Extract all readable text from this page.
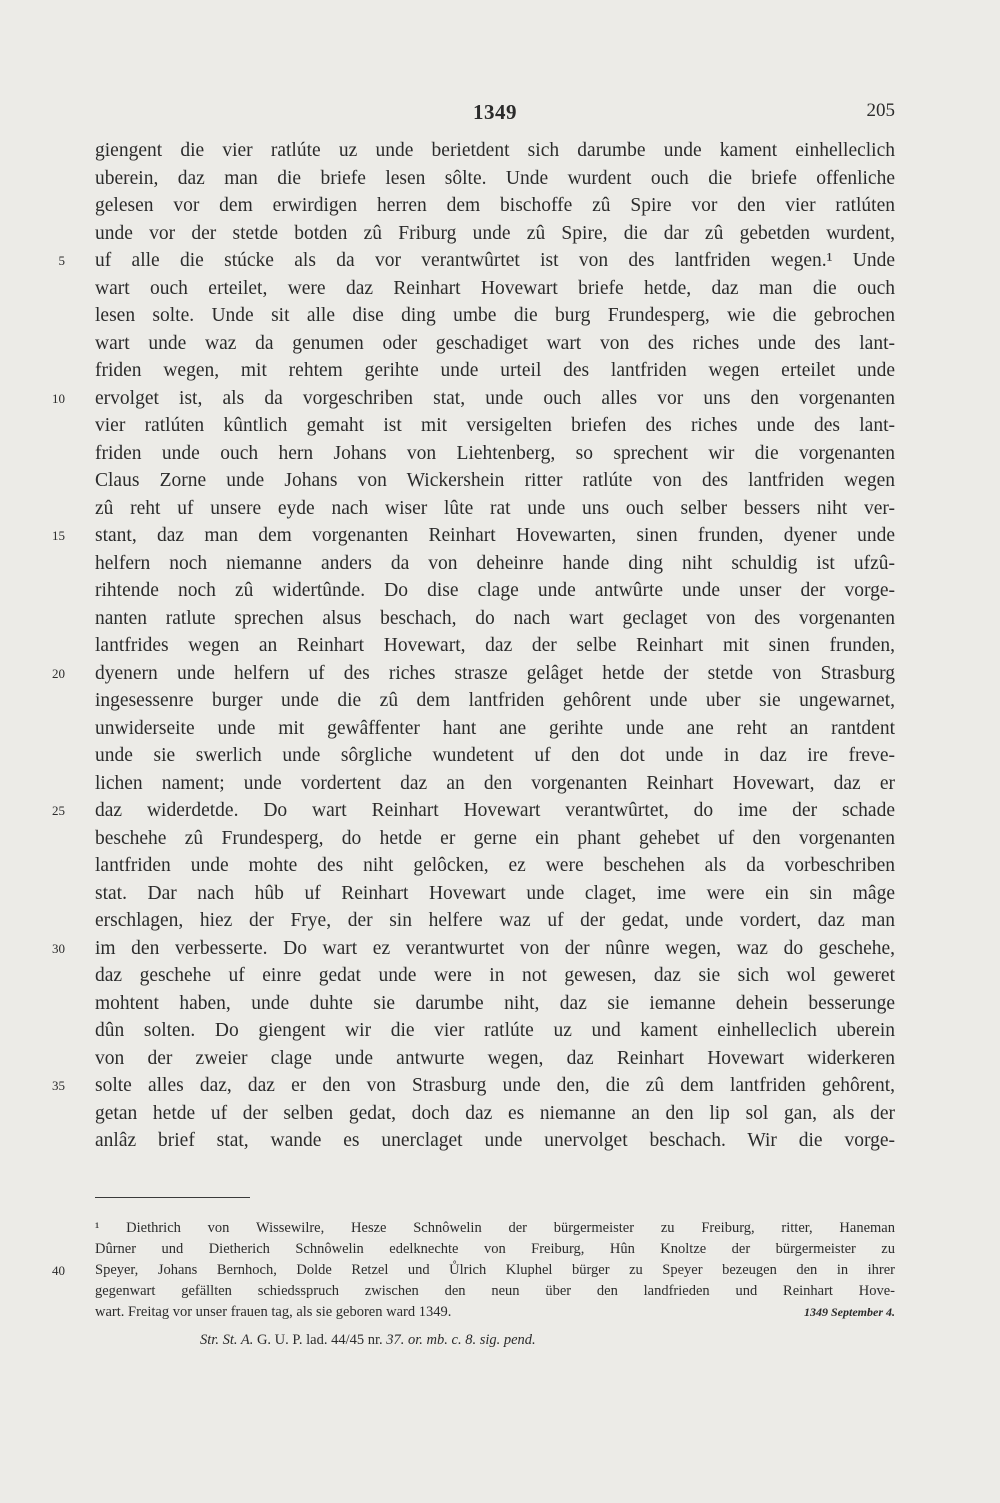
1349	205
giengent die vier ratlúte uz unde berietdent sich darumbe unde kament einhelleclich
uberein, daz man die briefe lesen sôlte. Unde wurdent ouch die briefe offenliche
gelesen vor dem erwirdigen herren dem bischoffe zû Spire vor den vier ratlúten
unde vor der stetde botden zû Friburg unde zû Spire, die dar zû gebetden wurdent,
5 uf alle die stúcke als da vor verantwûrtet ist von des lantfriden wegen.¹ Unde
wart ouch erteilet, were daz Reinhart Hovewart briefe hetde, daz man die ouch
lesen solte. Unde sit alle dise ding umbe die burg Frundesperg, wie die gebrochen
wart unde waz da genumen oder geschadiget wart von des riches unde des lant-
friden wegen, mit rehtem gerihte unde urteil des lantfriden wegen erteilet unde
10 ervolget ist, als da vorgeschriben stat, unde ouch alles vor uns den vorgenanten
vier ratlúten kûntlich gemaht ist mit versigelten briefen des riches unde des lant-
friden unde ouch hern Johans von Liehtenberg, so sprechent wir die vorgenanten
Claus Zorne unde Johans von Wickershein ritter ratlúte von des lantfriden wegen
zû reht uf unsere eyde nach wiser lûte rat unde uns ouch selber bessers niht ver-
15 stant, daz man dem vorgenanten Reinhart Hovewarten, sinen frunden, dyener unde
helfern noch niemanne anders da von deheinre hande ding niht schuldig ist ufzû-
rihtende noch zû widertûnde. Do dise clage unde antwûrte unde unser der vorge-
nanten ratlute sprechen alsus beschach, do nach wart geclaget von des vorgenanten
lantfrides wegen an Reinhart Hovewart, daz der selbe Reinhart mit sinen frunden,
20 dyenern unde helfern uf des riches strasze gelâget hetde der stetde von Strasburg
ingesessenre burger unde die zû dem lantfriden gehôrent unde uber sie ungewarnet,
unwiderseite unde mit gewâffenter hant ane gerihte unde ane reht an rantdent
unde sie swerlich unde sôrgliche wundetent uf den dot unde in daz ire freve-
lichen nament; unde vordertent daz an den vorgenanten Reinhart Hovewart, daz er
25 daz widerdetde. Do wart Reinhart Hovewart verantwûrtet, do ime der schade
beschehe zû Frundesperg, do hetde er gerne ein phant gehebet uf den vorgenanten
lantfriden unde mohte des niht gelôcken, ez were beschehen als da vorbeschriben
stat. Dar nach hûb uf Reinhart Hovewart unde claget, ime were ein sin mâge
erschlagen, hiez der Frye, der sin helfere waz uf der gedat, unde vordert, daz man
30 im den verbesserte. Do wart ez verantwurtet von der nûnre wegen, waz do geschehe,
daz geschehe uf einre gedat unde were in not gewesen, daz sie sich wol geweret
mohtent haben, unde duhte sie darumbe niht, daz sie iemanne dehein besserunge
dûn solten. Do giengent wir die vier ratlúte uz und kament einhelleclich uberein
von der zweier clage unde antwurte wegen, daz Reinhart Hovewart widerkeren
35 solte alles daz, daz er den von Strasburg unde den, die zû dem lantfriden gehôrent,
getan hetde uf der selben gedat, doch daz es niemanne an den lip sol gan, als der
anlâz brief stat, wande es unerclaget unde unervolget beschach. Wir die vorge-
¹ Diethrich von Wissewilre, Hesze Schnôwelin der bürgermeister zu Freiburg, ritter, Haneman
Dûrner und Dietherich Schnôwelin edelknechte von Freiburg, Hûn Knoltze der bürgermeister zu
40 Speyer, Johans Bernhoch, Dolde Retzel und Ůlrich Kluphel bürger zu Speyer bezeugen den in ihrer
gegenwart gefällten schiedsspruch zwischen den neun über den landfrieden und Reinhart Hove-
wart. Freitag vor unser frauen tag, als sie geboren ward 1349.	1349 September 4.
Str. St. A. G. U. P. lad. 44/45 nr. 37. or. mb. c. 8. sig. pend.
